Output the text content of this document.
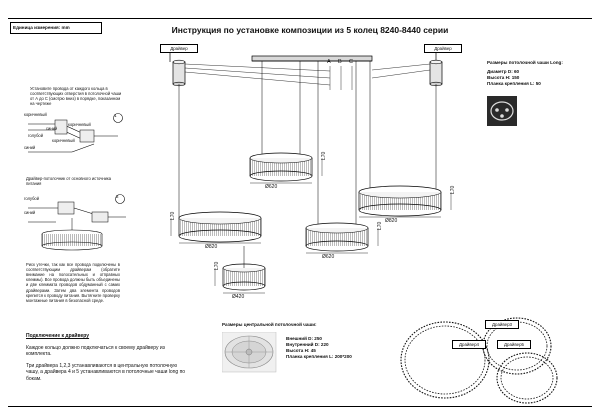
Единица измерения: mm	Инструкция по установке композиции из 5 колец 8240-8440 серии
Ø620
Ø820
Ø820
Ø620
Ø420
L70
L70
L70
L70
L70
A B C
Драйвер	Драйвер
Размеры потолочной чаши Long:
Диаметр D: 60
Высота H: 150
Планка крепления L: 50
Установите провода от каждого кольца в соответствующих отверстия в потолочной чаши от А до С (смотрю вниз) в порядке, показанном на чертеже
1
коричневый
синий
голубой
коричневый
коричневый
синий
Драйвер-потолочник от основного источника питания
2
голубой
синий
Риск утечки, так как все провода подключены в соответствующим драйверам (обратите внимание на полосательных и отправных клеммы). Все провода должны быть объединены и две клеммата проводов обдуманный с самих драйверами. Затем два элемента проводов крепится к проводу питания. Вытягните проверку монтажные питания в безопасной среде.
Подключение к драйверу
Каждое кольцо должно подключаться к своему драйверу из комплекта.
Три драйвера 1,2,3 устанавливаются в центральную потолочную чашу, а драйвера 4 и 5 устанавливаются в потолочные чаши long по бокам.
Размеры центральной потолочной чаши:
Внешний D: 250
Внутренний D: 220
Высота H: 45
Планка крепления L: 200*200
Драйвер3
Драйвер4	Драйвер5
